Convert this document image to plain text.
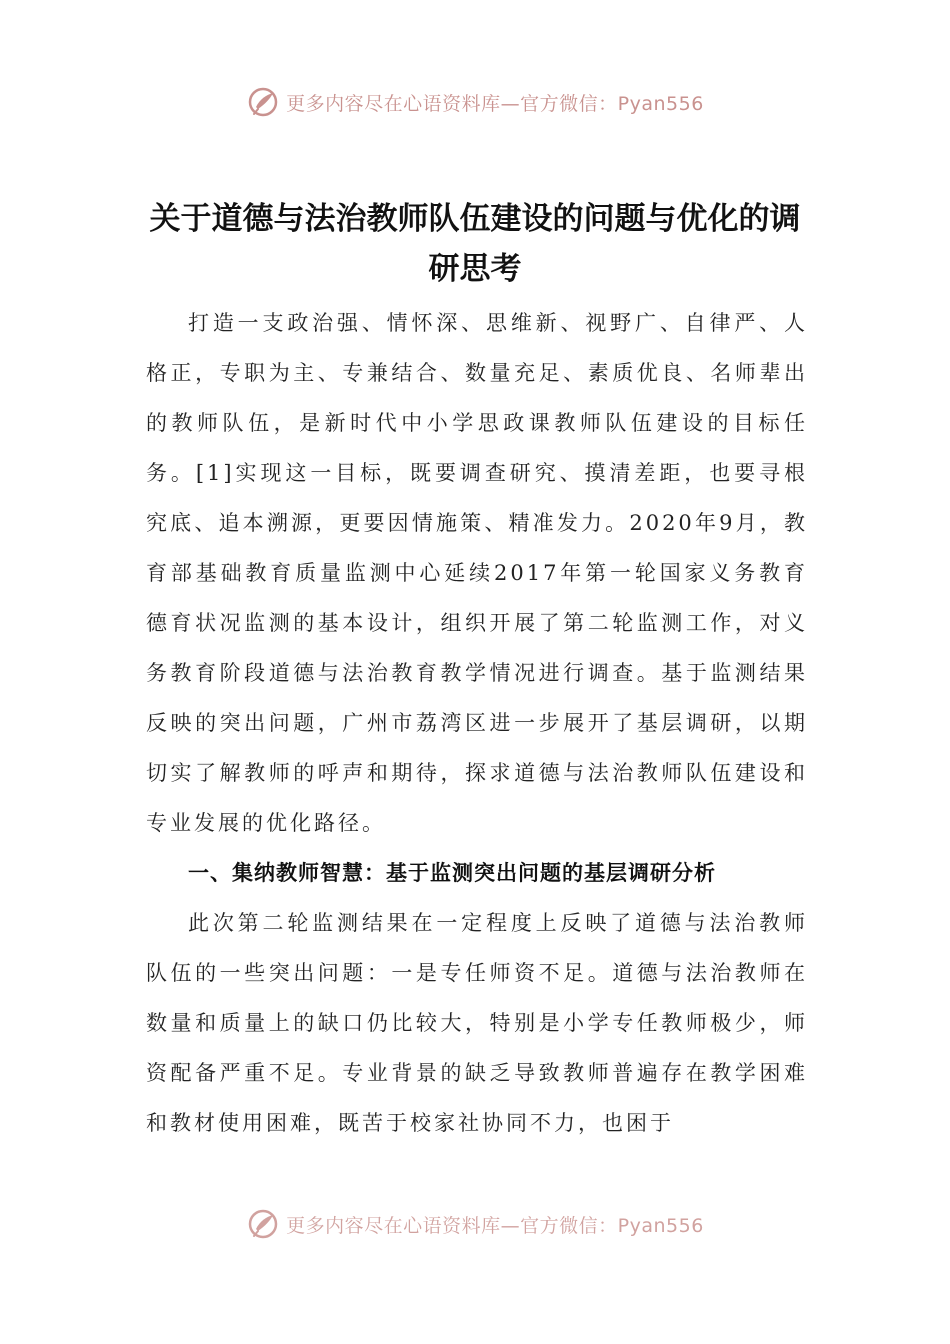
更多内容尽在心语资料库—官方微信：Pyan556
关于道德与法治教师队伍建设的问题与优化的调研思考

打造一支政治强、情怀深、思维新、视野广、自律严、人格正，专职为主、专兼结合、数量充足、素质优良、名师辈出的教师队伍，是新时代中小学思政课教师队伍建设的目标任务。[1]实现这一目标，既要调查研究、摸清差距，也要寻根究底、追本溯源，更要因情施策、精准发力。2020年9月，教育部基础教育质量监测中心延续2017年第一轮国家义务教育德育状况监测的基本设计，组织开展了第二轮监测工作，对义务教育阶段道德与法治教育教学情况进行调查。基于监测结果反映的突出问题，广州市荔湾区进一步展开了基层调研，以期切实了解教师的呼声和期待，探求道德与法治教师队伍建设和专业发展的优化路径。

一、集纳教师智慧：基于监测突出问题的基层调研分析

此次第二轮监测结果在一定程度上反映了道德与法治教师队伍的一些突出问题：一是专任师资不足。道德与法治教师在数量和质量上的缺口仍比较大，特别是小学专任教师极少，师资配备严重不足。专业背景的缺乏导致教师普遍存在教学困难和教材使用困难，既苦于校家社协同不力，也困于

更多内容尽在心语资料库—官方微信：Pyan556
